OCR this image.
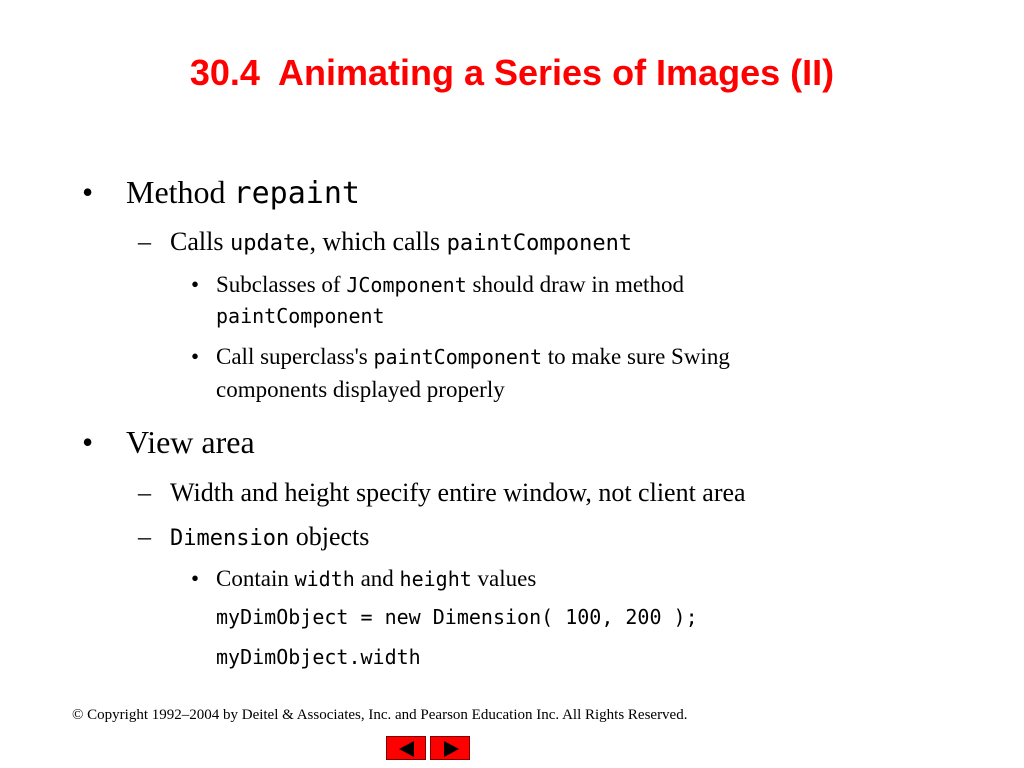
30.4 Animating a Series of Images (II)
• Method repaint
– Calls update, which calls paintComponent
• Subclasses of JComponent should draw in method
paintComponent
• Call superclass's paintComponent to make sure Swing
components displayed properly
• View area
– Width and height specify entire window, not client area
– Dimension objects
• Contain width and height values
myDimObject = new Dimension( 100, 200 );
myDimObject.width
© Copyright 1992–2004 by Deitel & Associates, Inc. and Pearson Education Inc. All Rights Reserved.
